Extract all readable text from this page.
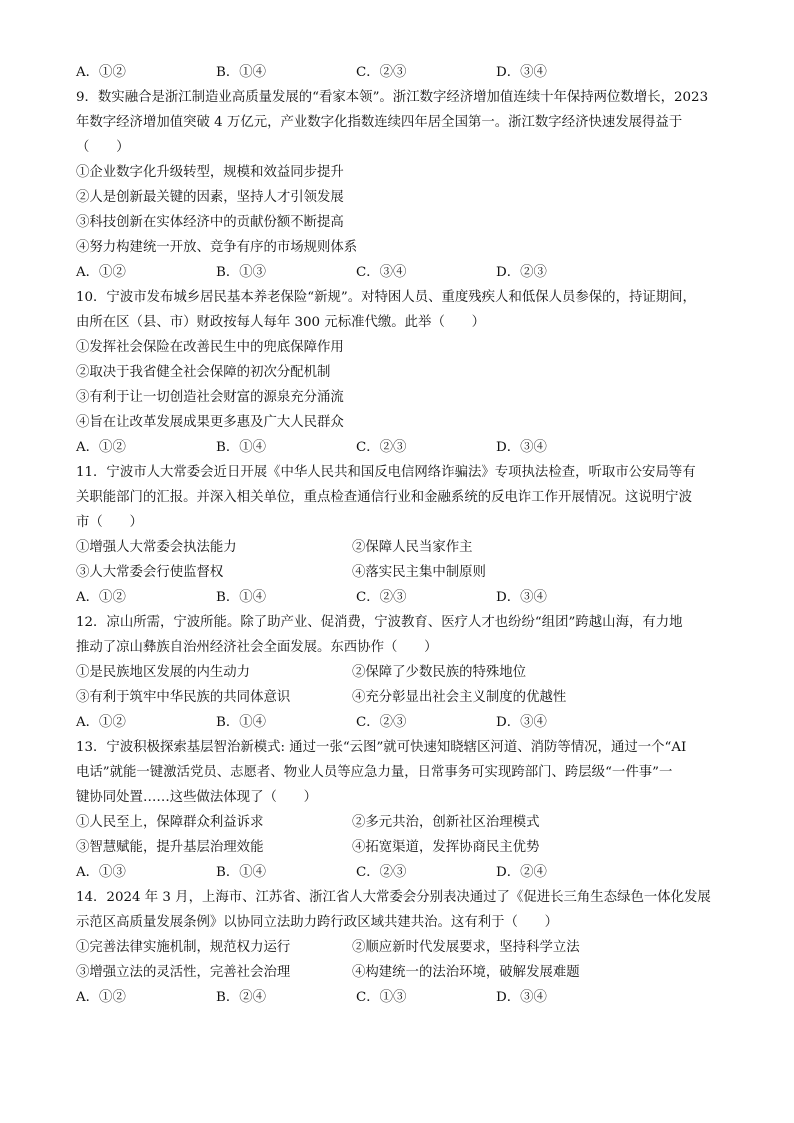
A．①②	B．①④	C．②③	D．③④
9．数实融合是浙江制造业高质量发展的“看家本领”。浙江数字经济增加值连续十年保持两位数增长，2023
年数字经济增加值突破 4 万亿元，产业数字化指数连续四年居全国第一。浙江数字经济快速发展得益于
（　　）
①企业数字化升级转型，规模和效益同步提升
②人是创新最关键的因素，坚持人才引领发展
③科技创新在实体经济中的贡献份额不断提高
④努力构建统一开放、竞争有序的市场规则体系
A．①②	B．①③	C．③④	D．②③
10．宁波市发布城乡居民基本养老保险“新规”。对特困人员、重度残疾人和低保人员参保的，持证期间，
由所在区（县、市）财政按每人每年 300 元标准代缴。此举（　　）
①发挥社会保险在改善民生中的兜底保障作用
②取决于我省健全社会保障的初次分配机制
③有利于让一切创造社会财富的源泉充分涌流
④旨在让改革发展成果更多惠及广大人民群众
A．①②	B．①④	C．②③	D．③④
11．宁波市人大常委会近日开展《中华人民共和国反电信网络诈骗法》专项执法检查，听取市公安局等有
关职能部门的汇报。并深入相关单位，重点检查通信行业和金融系统的反电诈工作开展情况。这说明宁波
市（　　）
①增强人大常委会执法能力	②保障人民当家作主
③人大常委会行使监督权	④落实民主集中制原则
A．①②	B．①④	C．②③	D．③④
12．凉山所需，宁波所能。除了助产业、促消费，宁波教育、医疗人才也纷纷“组团”跨越山海，有力地
推动了凉山彝族自治州经济社会全面发展。东西协作（　　）
①是民族地区发展的内生动力	②保障了少数民族的特殊地位
③有利于筑牢中华民族的共同体意识	④充分彰显出社会主义制度的优越性
A．①②	B．①④	C．②③	D．③④
13．宁波积极探索基层智治新模式: 通过一张“云图”就可快速知晓辖区河道、消防等情况，通过一个“AI
电话”就能一键激活党员、志愿者、物业人员等应急力量，日常事务可实现跨部门、跨层级“一件事”一
键协同处置……这些做法体现了（　　）
①人民至上，保障群众利益诉求	②多元共治，创新社区治理模式
③智慧赋能，提升基层治理效能	④拓宽渠道，发挥协商民主优势
A．①③	B．①④	C．②③	D．②④
14．2024 年 3 月，上海市、江苏省、浙江省人大常委会分别表决通过了《促进长三角生态绿色一体化发展
示范区高质量发展条例》以协同立法助力跨行政区域共建共治。这有利于（　　）
①完善法律实施机制，规范权力运行	②顺应新时代发展要求，坚持科学立法
③增强立法的灵活性，完善社会治理	④构建统一的法治环境，破解发展难题
A．①②	B．②④	C．①③	D．③④
